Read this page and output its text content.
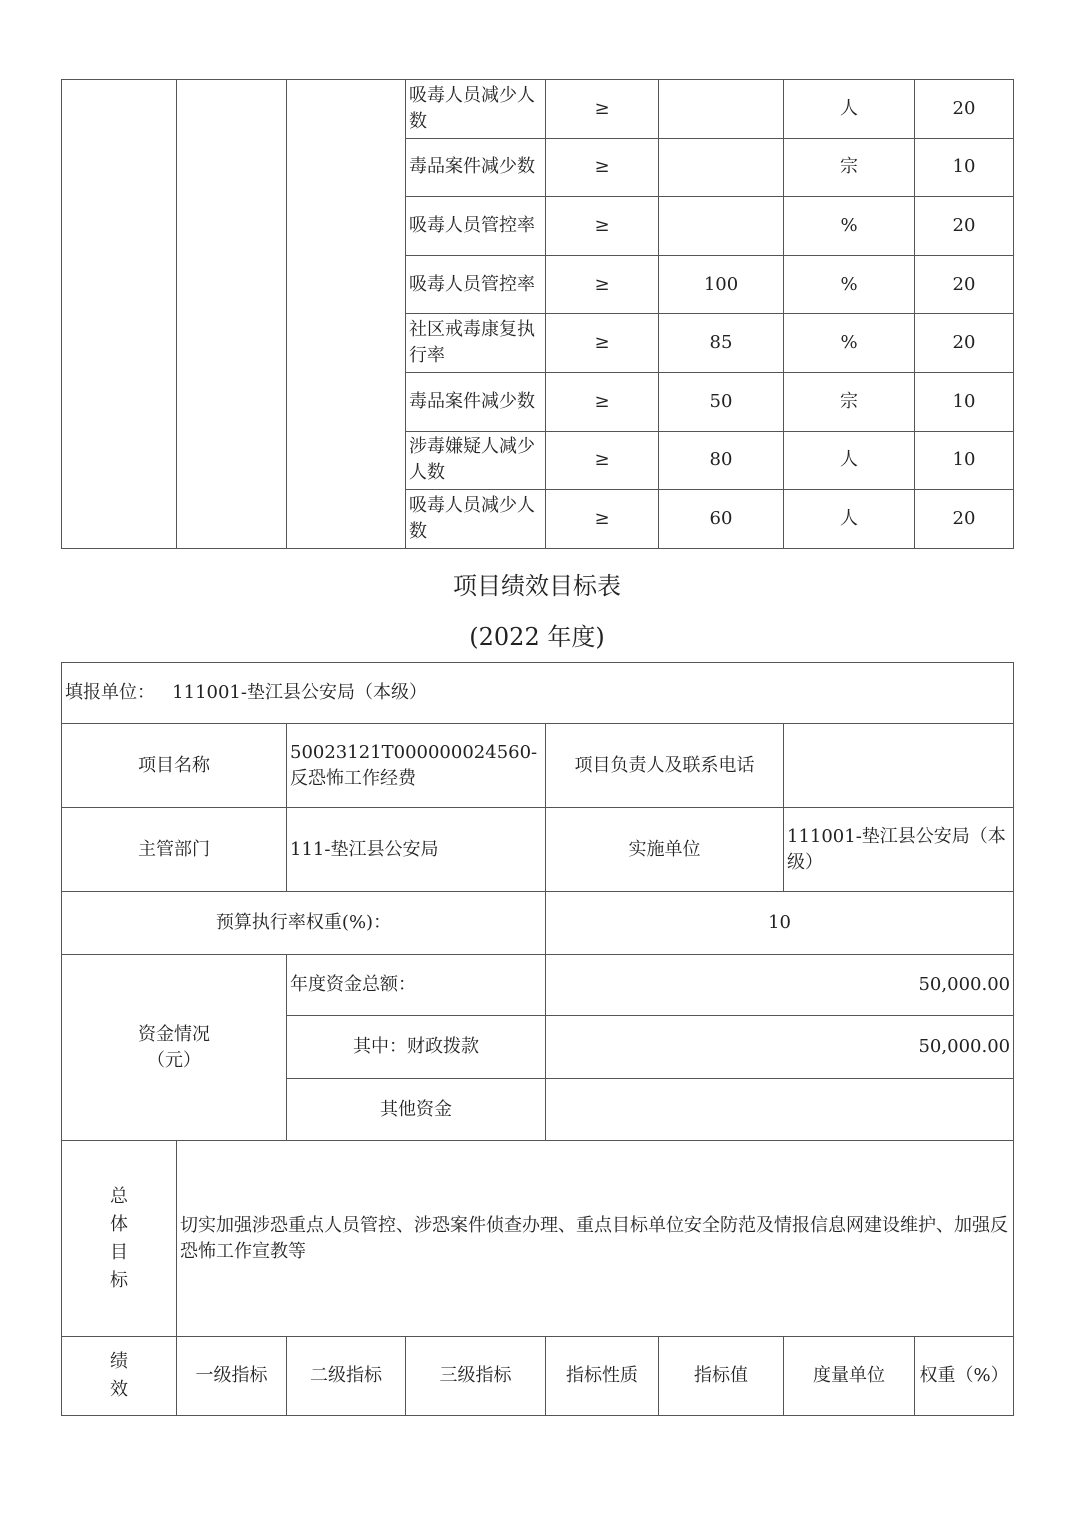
			吸毒人员减少人数	≥		人	20
			毒品案件减少数	≥		宗	10
			吸毒人员管控率	≥		%	20
			吸毒人员管控率	≥	100	%	20
			社区戒毒康复执行率	≥	85	%	20
			毒品案件减少数	≥	50	宗	10
			涉毒嫌疑人减少人数	≥	80	人	10
			吸毒人员减少人数	≥	60	人	20
项目绩效目标表
(2022 年度)
填报单位： 111001-垫江县公安局（本级）							
项目名称		50023121T000000024560-反恐怖工作经费		项目负责人及联系电话			
主管部门		111-垫江县公安局		实施单位		111001-垫江县公安局（本级）	
预算执行率权重(%)：				10			

资金情况
（元）		年度资金总额：		50,000.00			
		其中：财政拨款		50,000.00			
		其他资金					
总体目标	切实加强涉恐重点人员管控、涉恐案件侦查办理、重点目标单位安全防范及情报信息网建设维护、加强反恐怖工作宣教等						
绩效	一级指标	二级指标	三级指标	指标性质	指标值	度量单位	权重（%）
